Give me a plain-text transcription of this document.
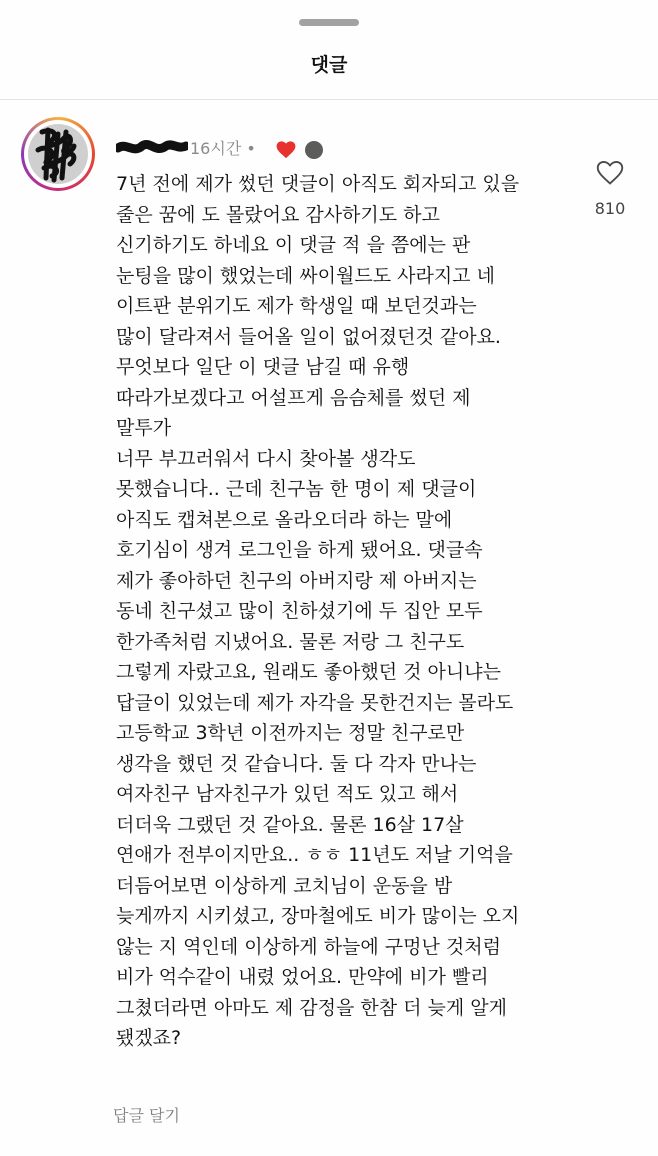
댓글
16시간 •
7년 전에 제가 썼던 댓글이 아직도 회자되고 있을
줄은 꿈에 도 몰랐어요 감사하기도 하고
신기하기도 하네요 이 댓글 적 을 쯤에는 판
눈팅을 많이 했었는데 싸이월드도 사라지고 네
이트판 분위기도 제가 학생일 때 보던것과는
많이 달라져서 들어올 일이 없어졌던것 같아요.
무엇보다 일단 이 댓글 남길 때 유행
따라가보겠다고 어설프게 음슴체를 썼던 제
말투가
너무 부끄러워서 다시 찾아볼 생각도
못했습니다.. 근데 친구놈 한 명이 제 댓글이
아직도 캡쳐본으로 올라오더라 하는 말에
호기심이 생겨 로그인을 하게 됐어요. 댓글속
제가 좋아하던 친구의 아버지랑 제 아버지는
동네 친구셨고 많이 친하셨기에 두 집안 모두
한가족처럼 지냈어요. 물론 저랑 그 친구도
그렇게 자랐고요, 원래도 좋아했던 것 아니냐는
답글이 있었는데 제가 자각을 못한건지는 몰라도
고등학교 3학년 이전까지는 정말 친구로만
생각을 했던 것 같습니다. 둘 다 각자 만나는
여자친구 남자친구가 있던 적도 있고 해서
더더욱 그랬던 것 같아요. 물론 16살 17살
연애가 전부이지만요.. ㅎㅎ 11년도 저날 기억을
더듬어보면 이상하게 코치님이 운동을 밤
늦게까지 시키셨고, 장마철에도 비가 많이는 오지
않는 지 역인데 이상하게 하늘에 구멍난 것처럼
비가 억수같이 내렸 었어요. 만약에 비가 빨리
그쳤더라면 아마도 제 감정을 한참 더 늦게 알게
됐겠죠?
810
답글 달기
